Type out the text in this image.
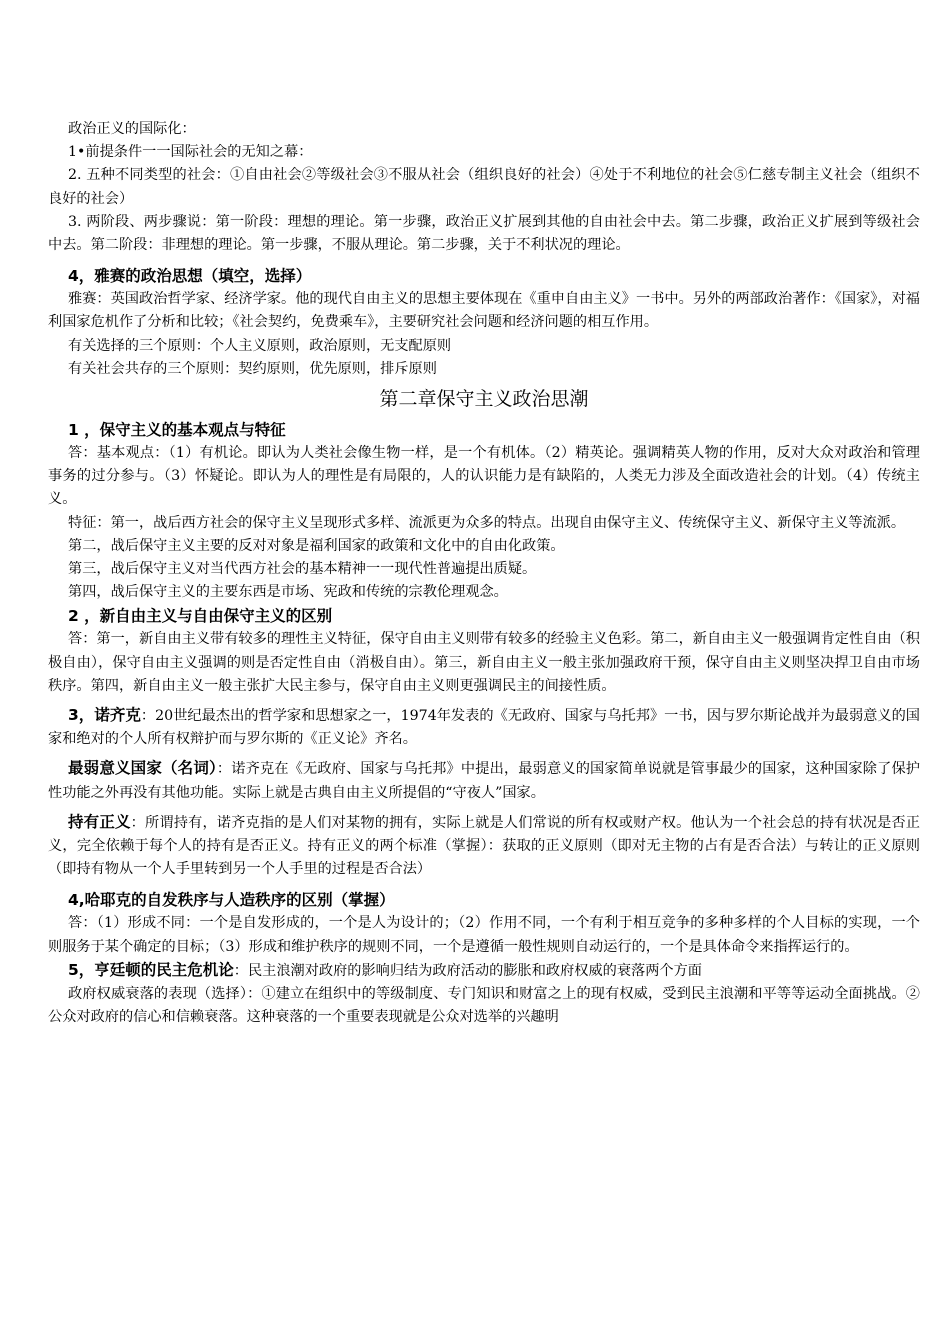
政治正义的国际化：

1•前提条件一一国际社会的无知之幕：

2. 五种不同类型的社会：①自由社会②等级社会③不服从社会（组织良好的社会）④处于不利地位的社会⑤仁慈专制主义社会（组织不良好的社会）

3. 两阶段、两步骤说：第一阶段：理想的理论。第一步骤，政治正义扩展到其他的自由社会中去。第二步骤，政治正义扩展到等级社会中去。第二阶段：非理想的理论。第一步骤，不服从理论。第二步骤，关于不利状况的理论。

4，雅赛的政治思想（填空，选择）

雅赛：英国政治哲学家、经济学家。他的现代自由主义的思想主要体现在《重申自由主义》一书中。另外的两部政治著作：《国家》，对福利国家危机作了分析和比较；《社会契约，免费乘车》，主要研究社会问题和经济问题的相互作用。

有关选择的三个原则：个人主义原则，政治原则，无支配原则

有关社会共存的三个原则：契约原则，优先原则，排斥原则

第二章保守主义政治思潮
1 ，保守主义的基本观点与特征

答：基本观点：（1）有机论。即认为人类社会像生物一样，是一个有机体。（2）精英论。强调精英人物的作用，反对大众对政治和管理事务的过分参与。（3）怀疑论。即认为人的理性是有局限的，人的认识能力是有缺陷的，人类无力涉及全面改造社会的计划。（4）传统主义。

特征：第一，战后西方社会的保守主义呈现形式多样、流派更为众多的特点。出现自由保守主义、传统保守主义、新保守主义等流派。

第二，战后保守主义主要的反对对象是福利国家的政策和文化中的自由化政策。

第三，战后保守主义对当代西方社会的基本精神一一现代性普遍提出质疑。

第四，战后保守主义的主要东西是市场、宪政和传统的宗教伦理观念。

2 ，新自由主义与自由保守主义的区别

答：第一，新自由主义带有较多的理性主义特征，保守自由主义则带有较多的经验主义色彩。第二，新自由主义一般强调肯定性自由（积极自由），保守自由主义强调的则是否定性自由（消极自由）。第三，新自由主义一般主张加强政府干预，保守自由主义则坚决捍卫自由市场秩序。第四，新自由主义一般主张扩大民主参与，保守自由主义则更强调民主的间接性质。

3，诺齐克：20世纪最杰出的哲学家和思想家之一，1974年发表的《无政府、国家与乌托邦》一书，因与罗尔斯论战并为最弱意义的国家和绝对的个人所有权辩护而与罗尔斯的《正义论》齐名。

最弱意义国家（名词）：诺齐克在《无政府、国家与乌托邦》中提出，最弱意义的国家简单说就是管事最少的国家，这种国家除了保护性功能之外再没有其他功能。实际上就是古典自由主义所提倡的“守夜人”国家。

持有正义：所谓持有，诺齐克指的是人们对某物的拥有，实际上就是人们常说的所有权或财产权。他认为一个社会总的持有状况是否正义，完全依赖于每个人的持有是否正义。持有正义的两个标准（掌握）：获取的正义原则（即对无主物的占有是否合法）与转让的正义原则（即持有物从一个人手里转到另一个人手里的过程是否合法）

4,哈耶克的自发秩序与人造秩序的区别（掌握）

答：（1）形成不同：一个是自发形成的，一个是人为设计的；（2）作用不同，一个有利于相互竞争的多种多样的个人目标的实现，一个则服务于某个确定的目标；（3）形成和维护秩序的规则不同，一个是遵循一般性规则自动运行的，一个是具体命令来指挥运行的。

5，亨廷顿的民主危机论：民主浪潮对政府的影响归结为政府活动的膨胀和政府权威的衰落两个方面

政府权威衰落的表现（选择）：①建立在组织中的等级制度、专门知识和财富之上的现有权威，受到民主浪潮和平等等运动全面挑战。②公众对政府的信心和信赖衰落。这种衰落的一个重要表现就是公众对选举的兴趣明
